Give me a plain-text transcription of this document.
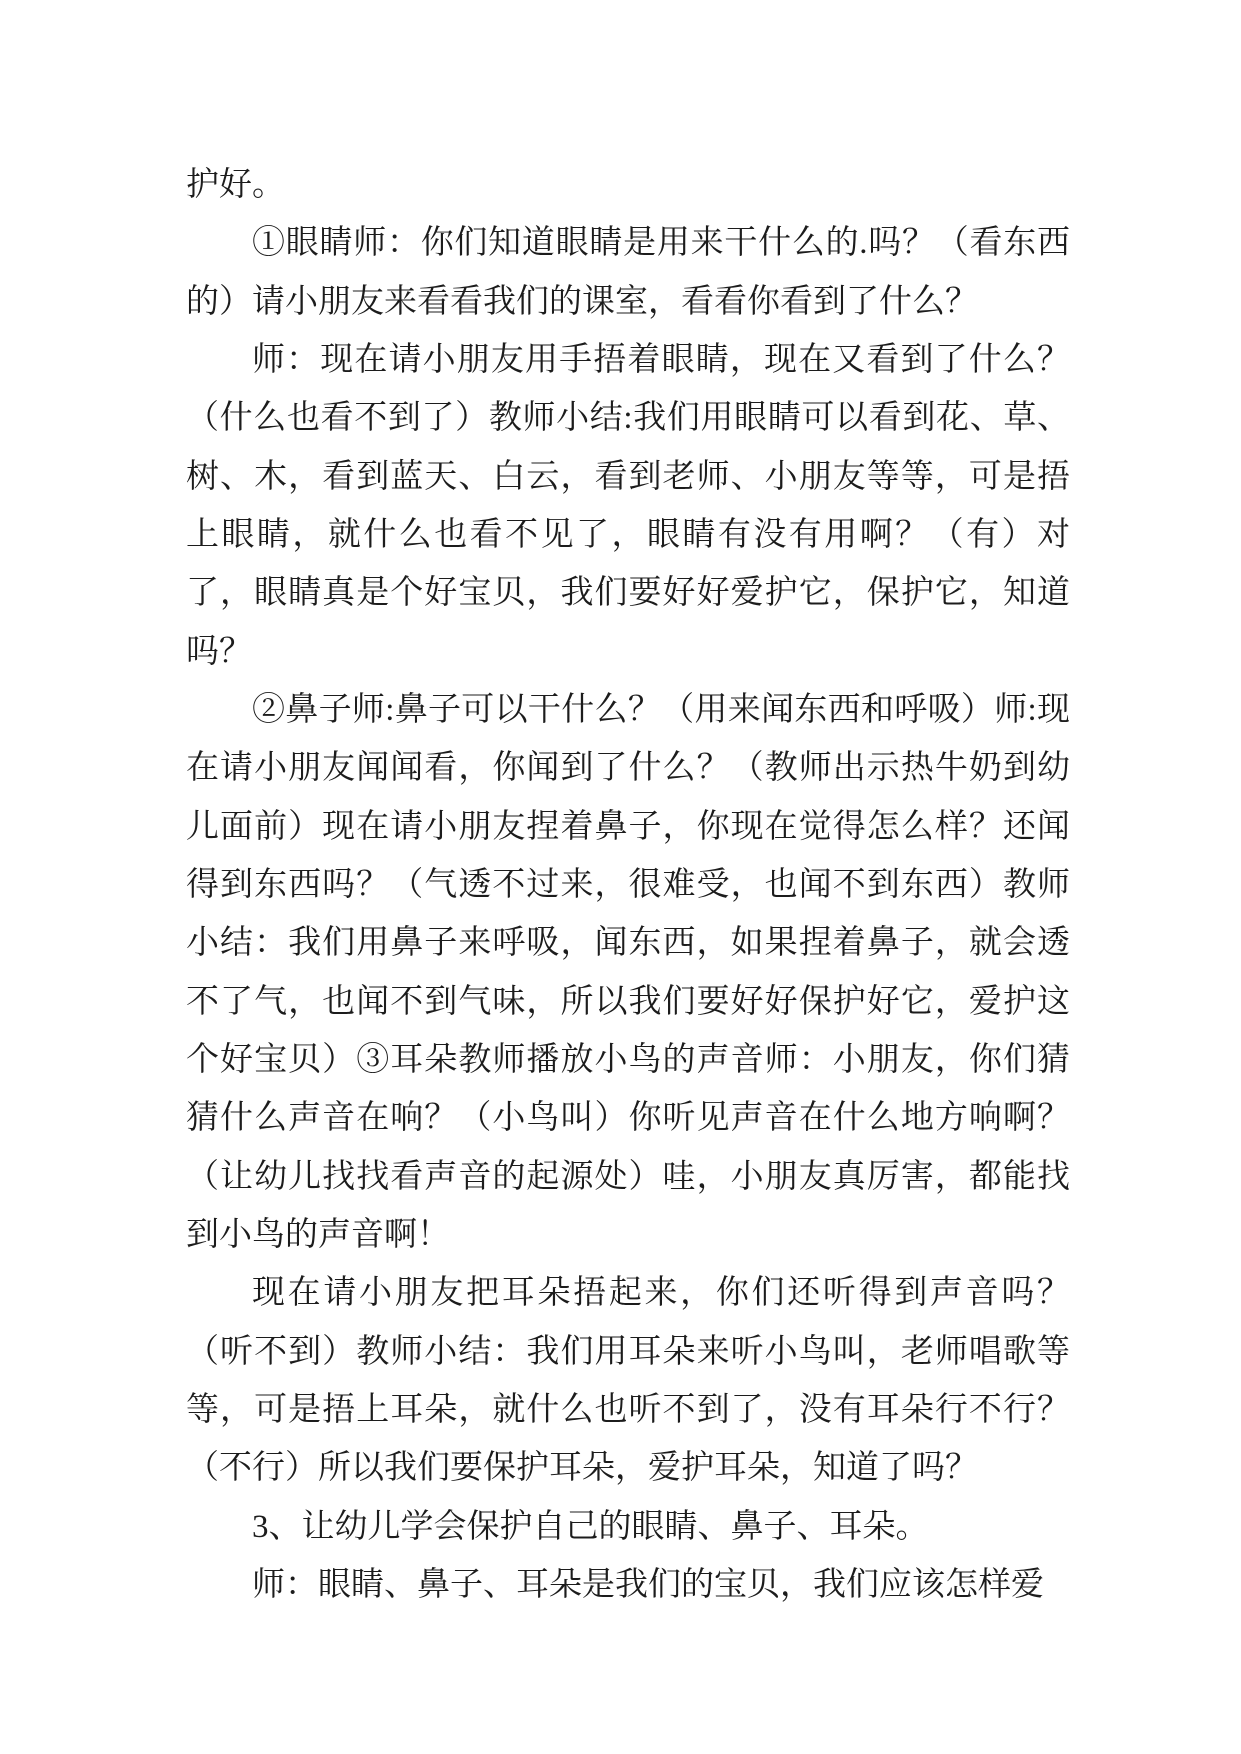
护好。

①眼睛师：你们知道眼睛是用来干什么的.吗？（看东西的）请小朋友来看看我们的课室，看看你看到了什么？

师：现在请小朋友用手捂着眼睛，现在又看到了什么？（什么也看不到了）教师小结:我们用眼睛可以看到花、草、树、木，看到蓝天、白云，看到老师、小朋友等等，可是捂上眼睛，就什么也看不见了，眼睛有没有用啊？（有）对了，眼睛真是个好宝贝，我们要好好爱护它，保护它，知道吗？

②鼻子师:鼻子可以干什么？（用来闻东西和呼吸）师:现在请小朋友闻闻看，你闻到了什么？（教师出示热牛奶到幼儿面前）现在请小朋友捏着鼻子，你现在觉得怎么样？还闻得到东西吗？（气透不过来，很难受，也闻不到东西）教师小结：我们用鼻子来呼吸，闻东西，如果捏着鼻子，就会透不了气，也闻不到气味，所以我们要好好保护好它，爱护这个好宝贝）③耳朵教师播放小鸟的声音师：小朋友，你们猜猜什么声音在响？（小鸟叫）你听见声音在什么地方响啊？（让幼儿找找看声音的起源处）哇，小朋友真厉害，都能找到小鸟的声音啊！

现在请小朋友把耳朵捂起来，你们还听得到声音吗？（听不到）教师小结：我们用耳朵来听小鸟叫，老师唱歌等等，可是捂上耳朵，就什么也听不到了，没有耳朵行不行？（不行）所以我们要保护耳朵，爱护耳朵，知道了吗？

3、让幼儿学会保护自己的眼睛、鼻子、耳朵。

师：眼睛、鼻子、耳朵是我们的宝贝，我们应该怎样爱
